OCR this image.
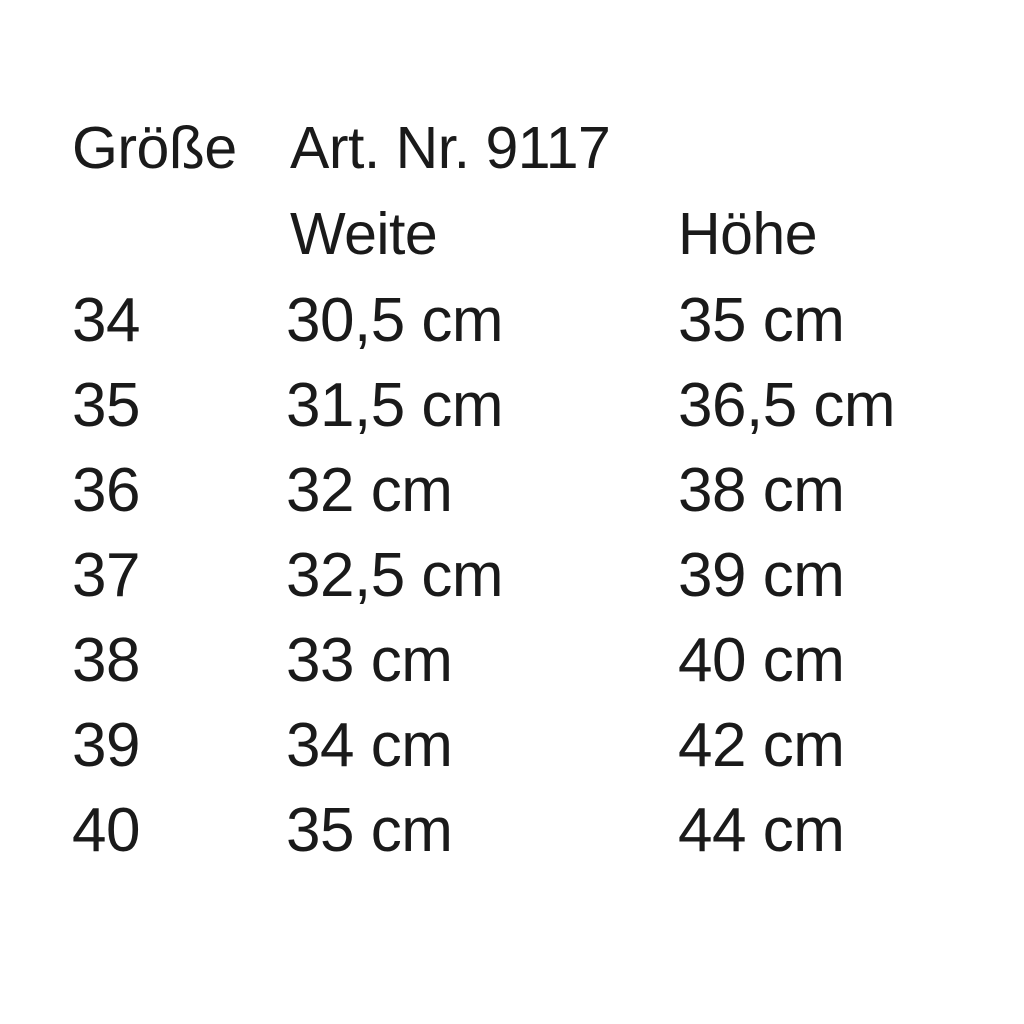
Größe	Art. Nr. 9117	
	Weite	Höhe
34	30,5 cm	35 cm
35	31,5 cm	36,5 cm
36	32 cm	38 cm
37	32,5 cm	39 cm
38	33 cm	40 cm
39	34 cm	42 cm
40	35 cm	44 cm
